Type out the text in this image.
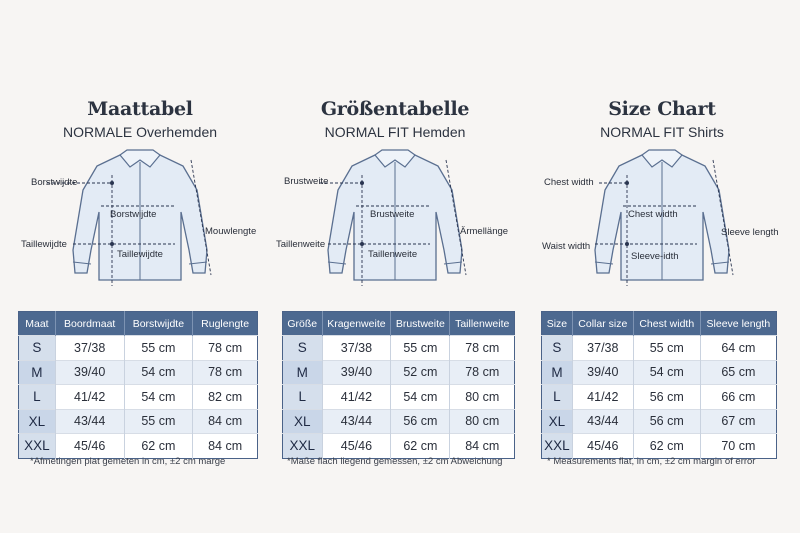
Maattabel
NORMALE Overhemden
Borstwijdte
Borstwijdte
Taillewijdte
Taillewijdte
Mouwlengte
Maat	Boordmaat	Borstwijdte	Ruglengte
S	37/38	55 cm	78 cm
M	39/40	54 cm	78 cm
L	41/42	54 cm	82 cm
XL	43/44	55 cm	84 cm
XXL	45/46	62 cm	84 cm
*Afmetingen plat gemeten in cm, ±2 cm marge
Größentabelle
NORMAL FIT Hemden
Brustweite
Brustweite
Taillenweite
Taillenweite
Ärmellänge
Größe	Kragenweite	Brustweite	Taillenweite
S	37/38	55 cm	78 cm
M	39/40	52 cm	78 cm
L	41/42	54 cm	80 cm
XL	43/44	56 cm	80 cm
XXL	45/46	62 cm	84 cm
*Maße flach liegend gemessen, ±2 cm Abweichung
Size Chart
NORMAL FIT Shirts
Chest width
Chest width
Waist width
Sleeve-idth
Sleeve length
Size	Collar size	Chest width	Sleeve length
S	37/38	55 cm	64 cm
M	39/40	54 cm	65 cm
L	41/42	56 cm	66 cm
XL	43/44	56 cm	67 cm
XXL	45/46	62 cm	70 cm
* Measurements flat, in cm, ±2 cm margin of error
